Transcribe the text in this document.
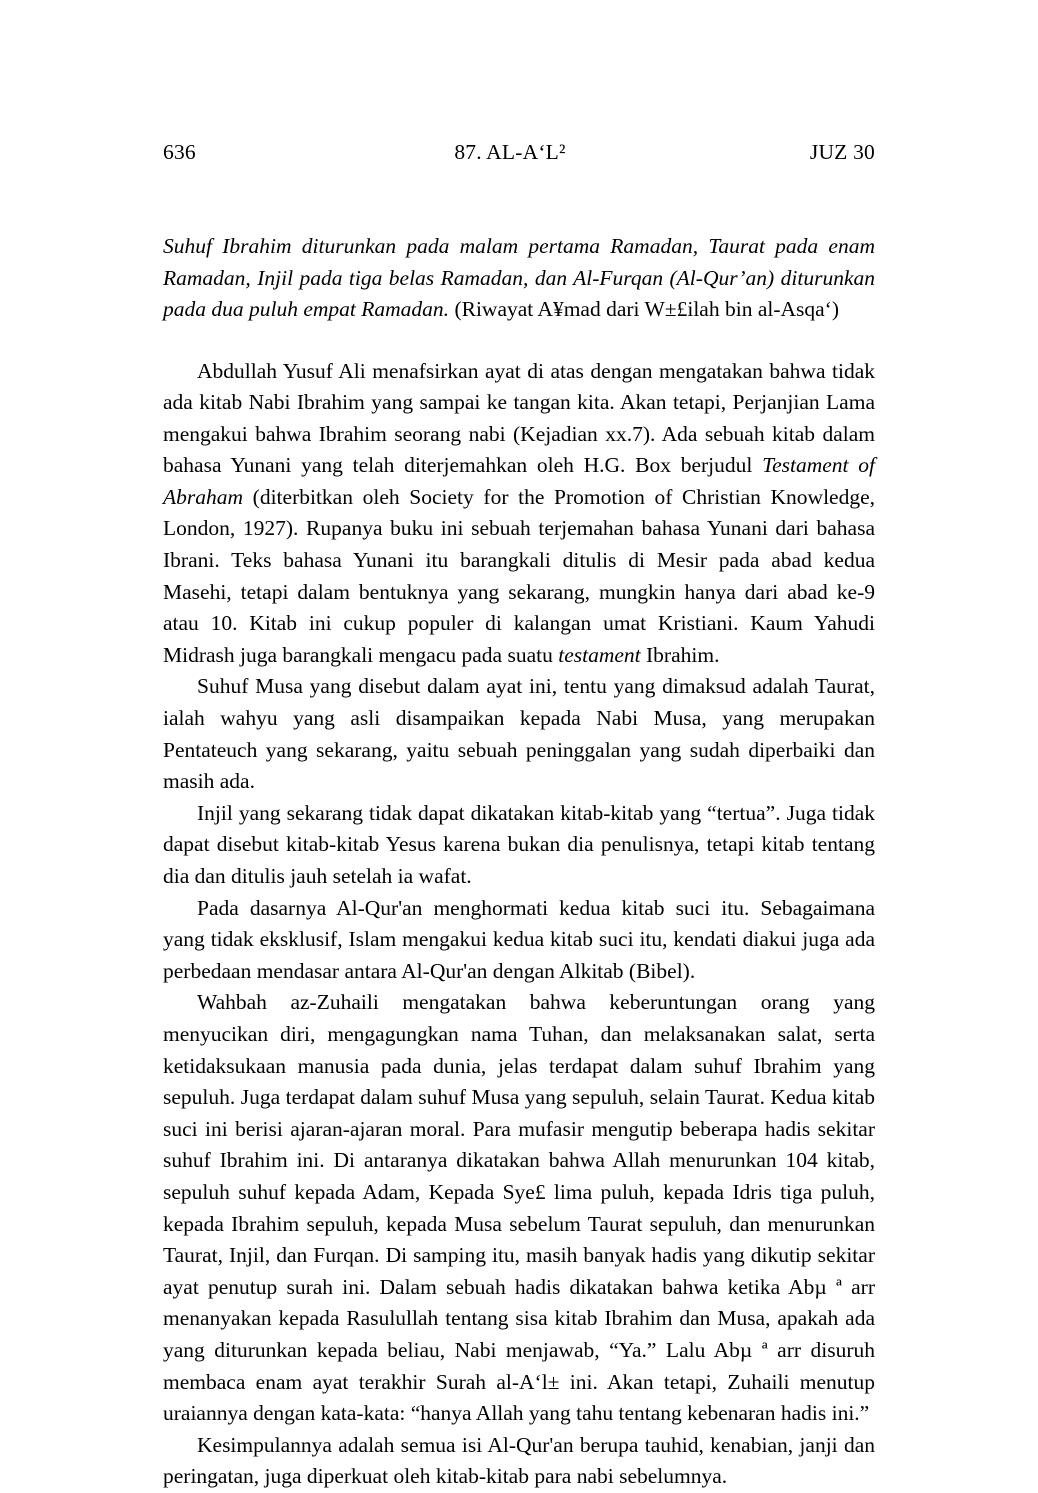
636	87. AL-A‘L²	JUZ 30
Suhuf Ibrahim diturunkan pada malam pertama Ramadan, Taurat pada enam Ramadan, Injil pada tiga belas Ramadan, dan Al-Furqan (Al-Qur’an) diturunkan pada dua puluh empat Ramadan. (Riwayat A¥mad dari W±£ilah bin al-Asqa‘)

Abdullah Yusuf Ali menafsirkan ayat di atas dengan mengatakan bahwa tidak ada kitab Nabi Ibrahim yang sampai ke tangan kita. Akan tetapi, Perjanjian Lama mengakui bahwa Ibrahim seorang nabi (Kejadian xx.7). Ada sebuah kitab dalam bahasa Yunani yang telah diterjemahkan oleh H.G. Box berjudul Testament of Abraham (diterbitkan oleh Society for the Promotion of Christian Knowledge, London, 1927). Rupanya buku ini sebuah terjemahan bahasa Yunani dari bahasa Ibrani. Teks bahasa Yunani itu barangkali ditulis di Mesir pada abad kedua Masehi, tetapi dalam bentuknya yang sekarang, mungkin hanya dari abad ke-9 atau 10. Kitab ini cukup populer di kalangan umat Kristiani. Kaum Yahudi Midrash juga barangkali mengacu pada suatu testament Ibrahim.

Suhuf Musa yang disebut dalam ayat ini, tentu yang dimaksud adalah Taurat, ialah wahyu yang asli disampaikan kepada Nabi Musa, yang merupakan Pentateuch yang sekarang, yaitu sebuah peninggalan yang sudah diperbaiki dan masih ada.

Injil yang sekarang tidak dapat dikatakan kitab-kitab yang “tertua”. Juga tidak dapat disebut kitab-kitab Yesus karena bukan dia penulisnya, tetapi kitab tentang dia dan ditulis jauh setelah ia wafat.

Pada dasarnya Al-Qur'an menghormati kedua kitab suci itu. Sebagaimana yang tidak eksklusif, Islam mengakui kedua kitab suci itu, kendati diakui juga ada perbedaan mendasar antara Al-Qur'an dengan Alkitab (Bibel).

Wahbah az-Zuhaili mengatakan bahwa keberuntungan orang yang menyucikan diri, mengagungkan nama Tuhan, dan melaksanakan salat, serta ketidaksukaan manusia pada dunia, jelas terdapat dalam suhuf Ibrahim yang sepuluh. Juga terdapat dalam suhuf Musa yang sepuluh, selain Taurat. Kedua kitab suci ini berisi ajaran-ajaran moral. Para mufasir mengutip beberapa hadis sekitar suhuf Ibrahim ini. Di antaranya dikatakan bahwa Allah menurunkan 104 kitab, sepuluh suhuf kepada Adam, Kepada Sye£ lima puluh, kepada Idris tiga puluh, kepada Ibrahim sepuluh, kepada Musa sebelum Taurat sepuluh, dan menurunkan Taurat, Injil, dan Furqan. Di samping itu, masih banyak hadis yang dikutip sekitar ayat penutup surah ini. Dalam sebuah hadis dikatakan bahwa ketika Abµ ª arr menanyakan kepada Rasulullah tentang sisa kitab Ibrahim dan Musa, apakah ada yang diturunkan kepada beliau, Nabi menjawab, “Ya.” Lalu Abµ ª arr disuruh membaca enam ayat terakhir Surah al-A‘l± ini. Akan tetapi, Zuhaili menutup uraiannya dengan kata-kata: “hanya Allah yang tahu tentang kebenaran hadis ini.”

Kesimpulannya adalah semua isi Al-Qur'an berupa tauhid, kenabian, janji dan peringatan, juga diperkuat oleh kitab-kitab para nabi sebelumnya.
